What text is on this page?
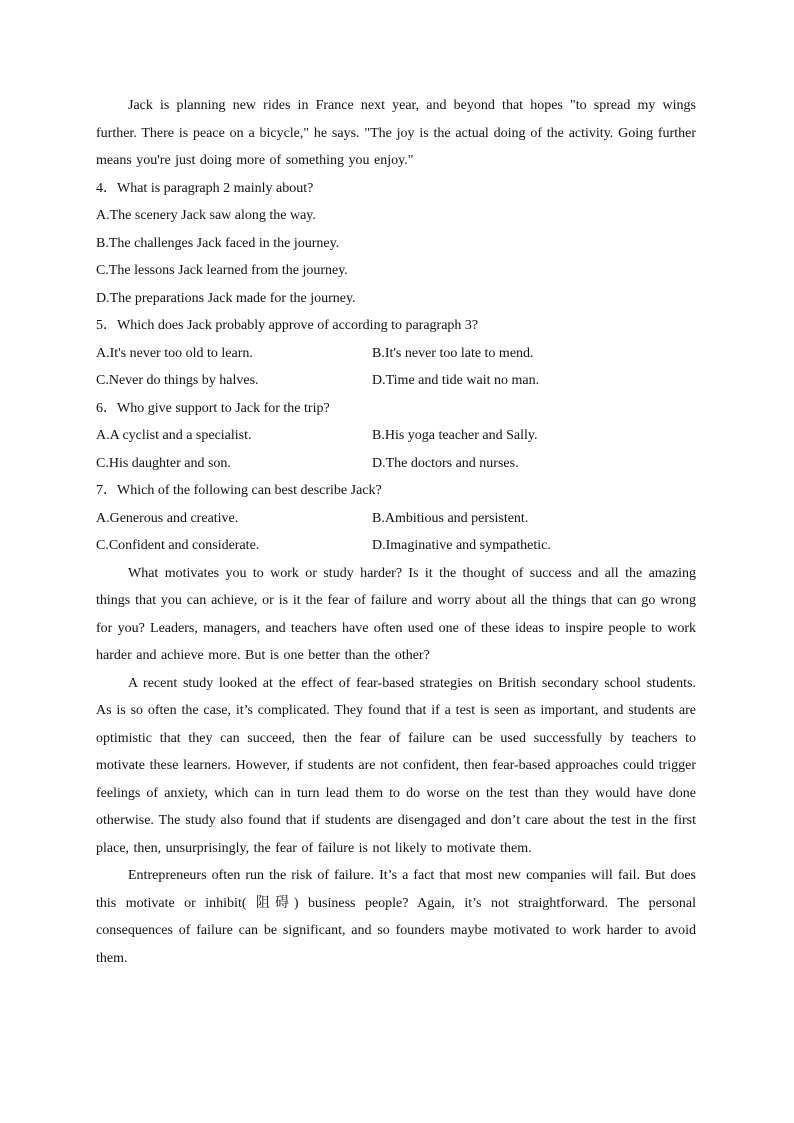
Jack is planning new rides in France next year, and beyond that hopes "to spread my wings further. There is peace on a bicycle," he says. "The joy is the actual doing of the activity. Going further means you're just doing more of something you enjoy."

4．What is paragraph 2 mainly about?

A.The scenery Jack saw along the way.

B.The challenges Jack faced in the journey.

C.The lessons Jack learned from the journey.

D.The preparations Jack made for the journey.

5．Which does Jack probably approve of according to paragraph 3?

A.It's never too old to learn.	B.It's never too late to mend.

C.Never do things by halves.	D.Time and tide wait no man.

6．Who give support to Jack for the trip?

A.A cyclist and a specialist.	B.His yoga teacher and Sally.

C.His daughter and son.	D.The doctors and nurses.

7．Which of the following can best describe Jack?

A.Generous and creative.	B.Ambitious and persistent.

C.Confident and considerate.	D.Imaginative and sympathetic.

What motivates you to work or study harder? Is it the thought of success and all the amazing things that you can achieve, or is it the fear of failure and worry about all the things that can go wrong for you? Leaders, managers, and teachers have often used one of these ideas to inspire people to work harder and achieve more. But is one better than the other?

A recent study looked at the effect of fear-based strategies on British secondary school students. As is so often the case, it’s complicated. They found that if a test is seen as important, and students are optimistic that they can succeed, then the fear of failure can be used successfully by teachers to motivate these learners. However, if students are not confident, then fear-based approaches could trigger feelings of anxiety, which can in turn lead them to do worse on the test than they would have done otherwise. The study also found that if students are disengaged and don’t care about the test in the first place, then, unsurprisingly, the fear of failure is not likely to motivate them.

Entrepreneurs often run the risk of failure. It’s a fact that most new companies will fail. But does this motivate or inhibit( 阻碍) business people? Again, it’s not straightforward. The personal consequences of failure can be significant, and so founders maybe motivated to work harder to avoid them.
